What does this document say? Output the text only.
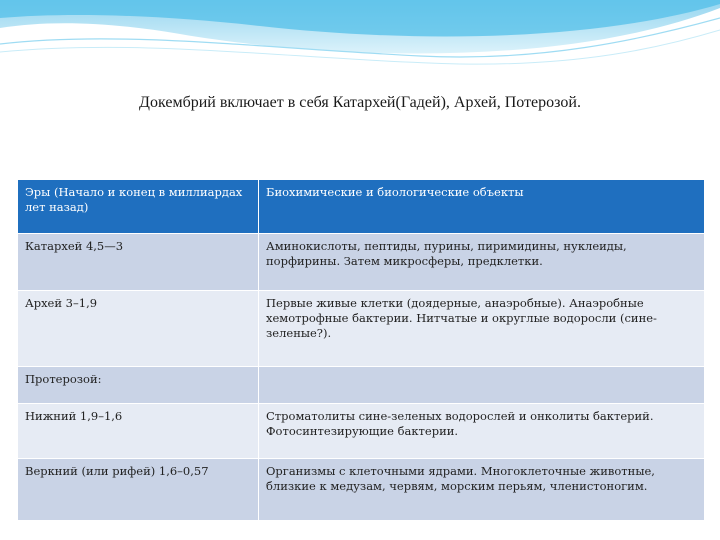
Докембрий включает в себя Катархей(Гадей), Архей, Потерозой.
Эры (Начало и конец в миллиардах лет назад)	Биохимические и биологические объекты
Катархей 4,5—3	Аминокислоты, пептиды, пурины, пиримидины, нуклеиды, порфирины. Затем микросферы, предклетки.
Архей 3–1,9	Первые живые клетки (доядерные, анаэробные). Анаэробные хемотрофные бактерии. Нитчатые и округлые водоросли (сине-зеленые?).
Протерозой:	
Нижний 1,9–1,6	Строматолиты сине-зеленых водорослей и онколиты бактерий. Фотосинтезирующие бактерии.
Веркний (или рифей) 1,6–0,57	Организмы с клеточными ядрами. Многоклеточные животные, близкие к медузам, червям, морским перьям, членистоногим.
